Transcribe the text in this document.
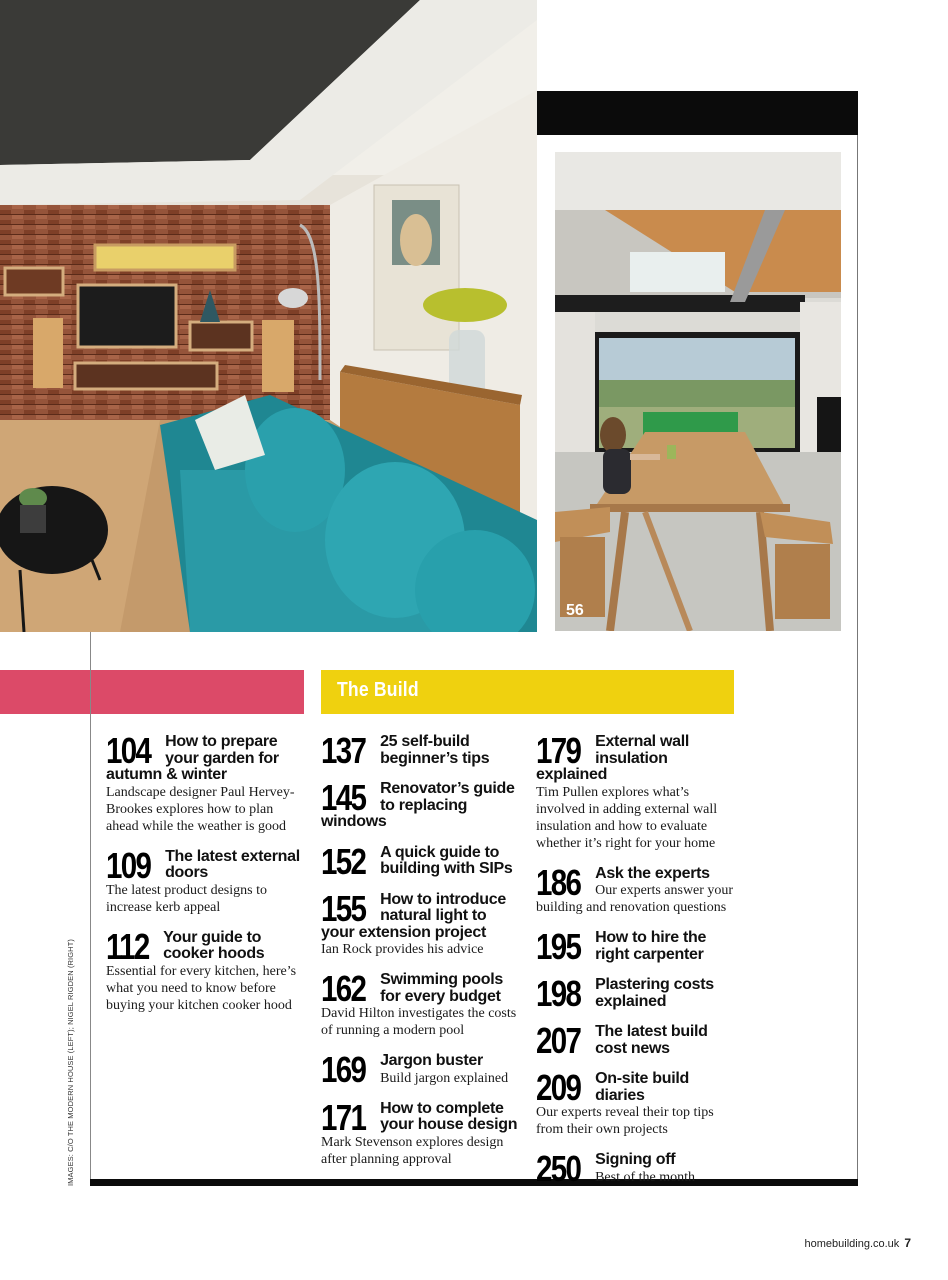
56
The Build
104 How to prepare your garden for autumn & winter
Landscape designer Paul Hervey-Brookes explores how to plan ahead while the weather is good
109 The latest external doors
The latest product designs to increase kerb appeal
112 Your guide to cooker hoods
Essential for every kitchen, here’s what you need to know before buying your kitchen cooker hood
137 25 self-build beginner’s tips
145 Renovator’s guide to replacing windows
152 A quick guide to building with SIPs
155 How to introduce natural light to your extension project
Ian Rock provides his advice
162 Swimming pools for every budget
David Hilton investigates the costs of running a modern pool
169 Jargon buster
Build jargon explained
171 How to complete your house design
Mark Stevenson explores design after planning approval
179 External wall insulation explained
Tim Pullen explores what’s involved in adding external wall insulation and how to evaluate whether it’s right for your home
186 Ask the experts
Our experts answer your building and renovation questions
195 How to hire the right carpenter
198 Plastering costs explained
207 The latest build cost news
209 On-site build diaries
Our experts reveal their top tips from their own projects
250 Signing off
Best of the month
IMAGES: C/O THE MODERN HOUSE (LEFT); NIGEL RIGDEN (RIGHT)
homebuilding.co.uk 7
